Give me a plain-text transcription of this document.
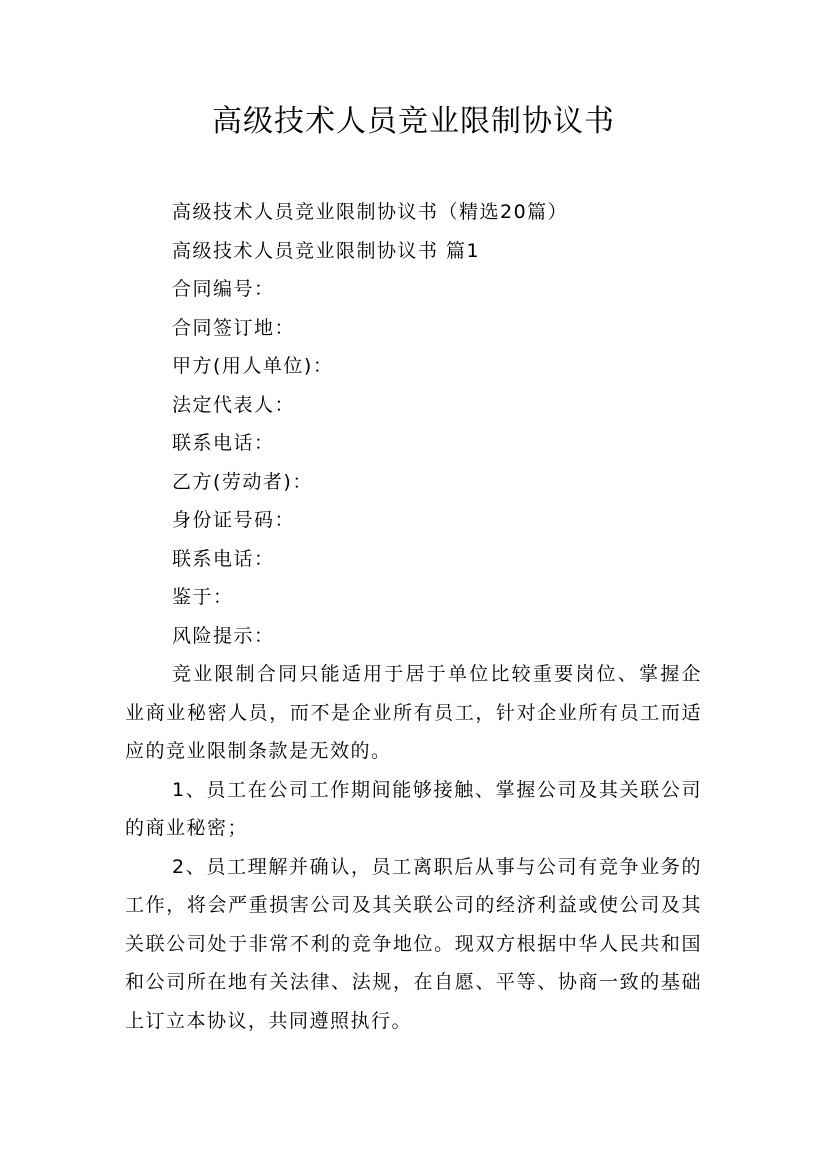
高级技术人员竞业限制协议书

高级技术人员竞业限制协议书（精选20篇）

高级技术人员竞业限制协议书 篇1

合同编号：

合同签订地：

甲方(用人单位)：

法定代表人：

联系电话：

乙方(劳动者)：

身份证号码：

联系电话：

鉴于：

风险提示：

竞业限制合同只能适用于居于单位比较重要岗位、掌握企业商业秘密人员，而不是企业所有员工，针对企业所有员工而适应的竞业限制条款是无效的。

1、员工在公司工作期间能够接触、掌握公司及其关联公司的商业秘密；

2、员工理解并确认，员工离职后从事与公司有竞争业务的工作，将会严重损害公司及其关联公司的经济利益或使公司及其关联公司处于非常不利的竞争地位。现双方根据中华人民共和国和公司所在地有关法律、法规，在自愿、平等、协商一致的基础上订立本协议，共同遵照执行。
